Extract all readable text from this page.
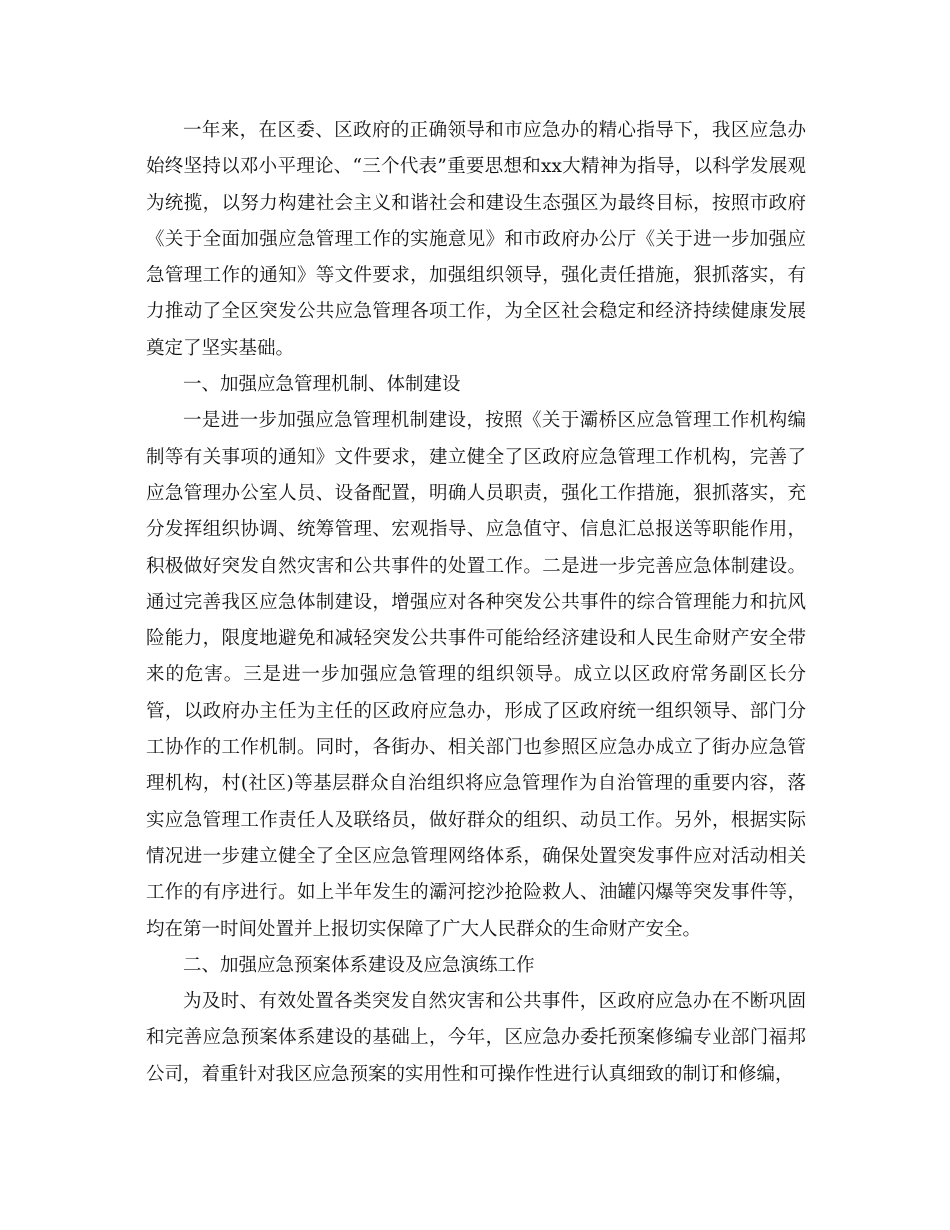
一年来，在区委、区政府的正确领导和市应急办的精心指导下，我区应急办始终坚持以邓小平理论、“三个代表”重要思想和xx大精神为指导，以科学发展观为统揽，以努力构建社会主义和谐社会和建设生态强区为最终目标，按照市政府《关于全面加强应急管理工作的实施意见》和市政府办公厅《关于进一步加强应急管理工作的通知》等文件要求，加强组织领导，强化责任措施，狠抓落实，有力推动了全区突发公共应急管理各项工作，为全区社会稳定和经济持续健康发展奠定了坚实基础。

一、加强应急管理机制、体制建设

一是进一步加强应急管理机制建设，按照《关于灞桥区应急管理工作机构编制等有关事项的通知》文件要求，建立健全了区政府应急管理工作机构，完善了应急管理办公室人员、设备配置，明确人员职责，强化工作措施，狠抓落实，充分发挥组织协调、统筹管理、宏观指导、应急值守、信息汇总报送等职能作用，积极做好突发自然灾害和公共事件的处置工作。二是进一步完善应急体制建设。通过完善我区应急体制建设，增强应对各种突发公共事件的综合管理能力和抗风险能力，限度地避免和减轻突发公共事件可能给经济建设和人民生命财产安全带来的危害。三是进一步加强应急管理的组织领导。成立以区政府常务副区长分管，以政府办主任为主任的区政府应急办，形成了区政府统一组织领导、部门分工协作的工作机制。同时，各街办、相关部门也参照区应急办成立了街办应急管理机构，村(社区)等基层群众自治组织将应急管理作为自治管理的重要内容，落实应急管理工作责任人及联络员，做好群众的组织、动员工作。另外，根据实际情况进一步建立健全了全区应急管理网络体系，确保处置突发事件应对活动相关工作的有序进行。如上半年发生的灞河挖沙抢险救人、油罐闪爆等突发事件等，均在第一时间处置并上报切实保障了广大人民群众的生命财产安全。

二、加强应急预案体系建设及应急演练工作

为及时、有效处置各类突发自然灾害和公共事件，区政府应急办在不断巩固和完善应急预案体系建设的基础上，今年，区应急办委托预案修编专业部门福邦公司，着重针对我区应急预案的实用性和可操作性进行认真细致的制订和修编，
